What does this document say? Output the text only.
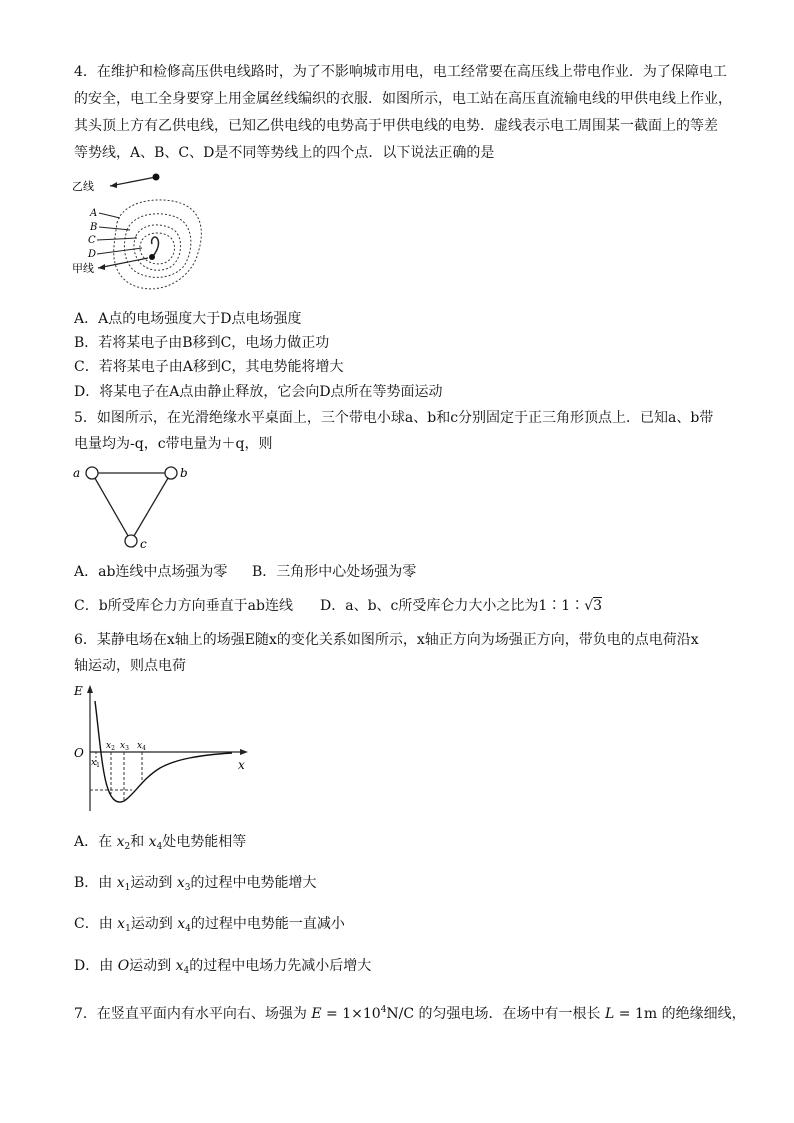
4．在维护和检修高压供电线路时，为了不影响城市用电，电工经常要在高压线上带电作业．为了保障电工
的安全，电工全身要穿上用金属丝线编织的衣服．如图所示，电工站在高压直流输电线的甲供电线上作业，
其头顶上方有乙供电线，已知乙供电线的电势高于甲供电线的电势．虚线表示电工周围某一截面上的等差
等势线，A、B、C、D是不同等势线上的四个点．以下说法正确的是
乙线
A
B
C
D
甲线
A．A点的电场强度大于D点电场强度
B．若将某电子由B移到C，电场力做正功
C．若将某电子由A移到C，其电势能将增大
D．将某电子在A点由静止释放，它会向D点所在等势面运动
5．如图所示，在光滑绝缘水平桌面上，三个带电小球a、b和c分别固定于正三角形顶点上．已知a、b带
电量均为-q，c带电量为＋q，则
a	b
c
A．ab连线中点场强为零 B．三角形中心处场强为零
C．b所受库仑力方向垂直于ab连线 D．a、b、c所受库仑力大小之比为1∶1∶√3
6．某静电场在x轴上的场强E随x的变化关系如图所示，x轴正方向为场强正方向，带负电的点电荷沿x
轴运动，则点电荷
E
O
x
$x_1$
$x_2$ $x_3$ $x_4$
A．在 $x_2$和 $x_4$处电势能相等
B．由 $x_1$运动到 $x_3$的过程中电势能增大
C．由 $x_1$运动到 $x_4$的过程中电势能一直减小
D．由 O运动到 $x_4$的过程中电场力先减小后增大
7．在竖直平面内有水平向右、场强为 $E = 1\times 10^4N/C$ 的匀强电场．在场中有一根长 L = 1m 的绝缘细线，
